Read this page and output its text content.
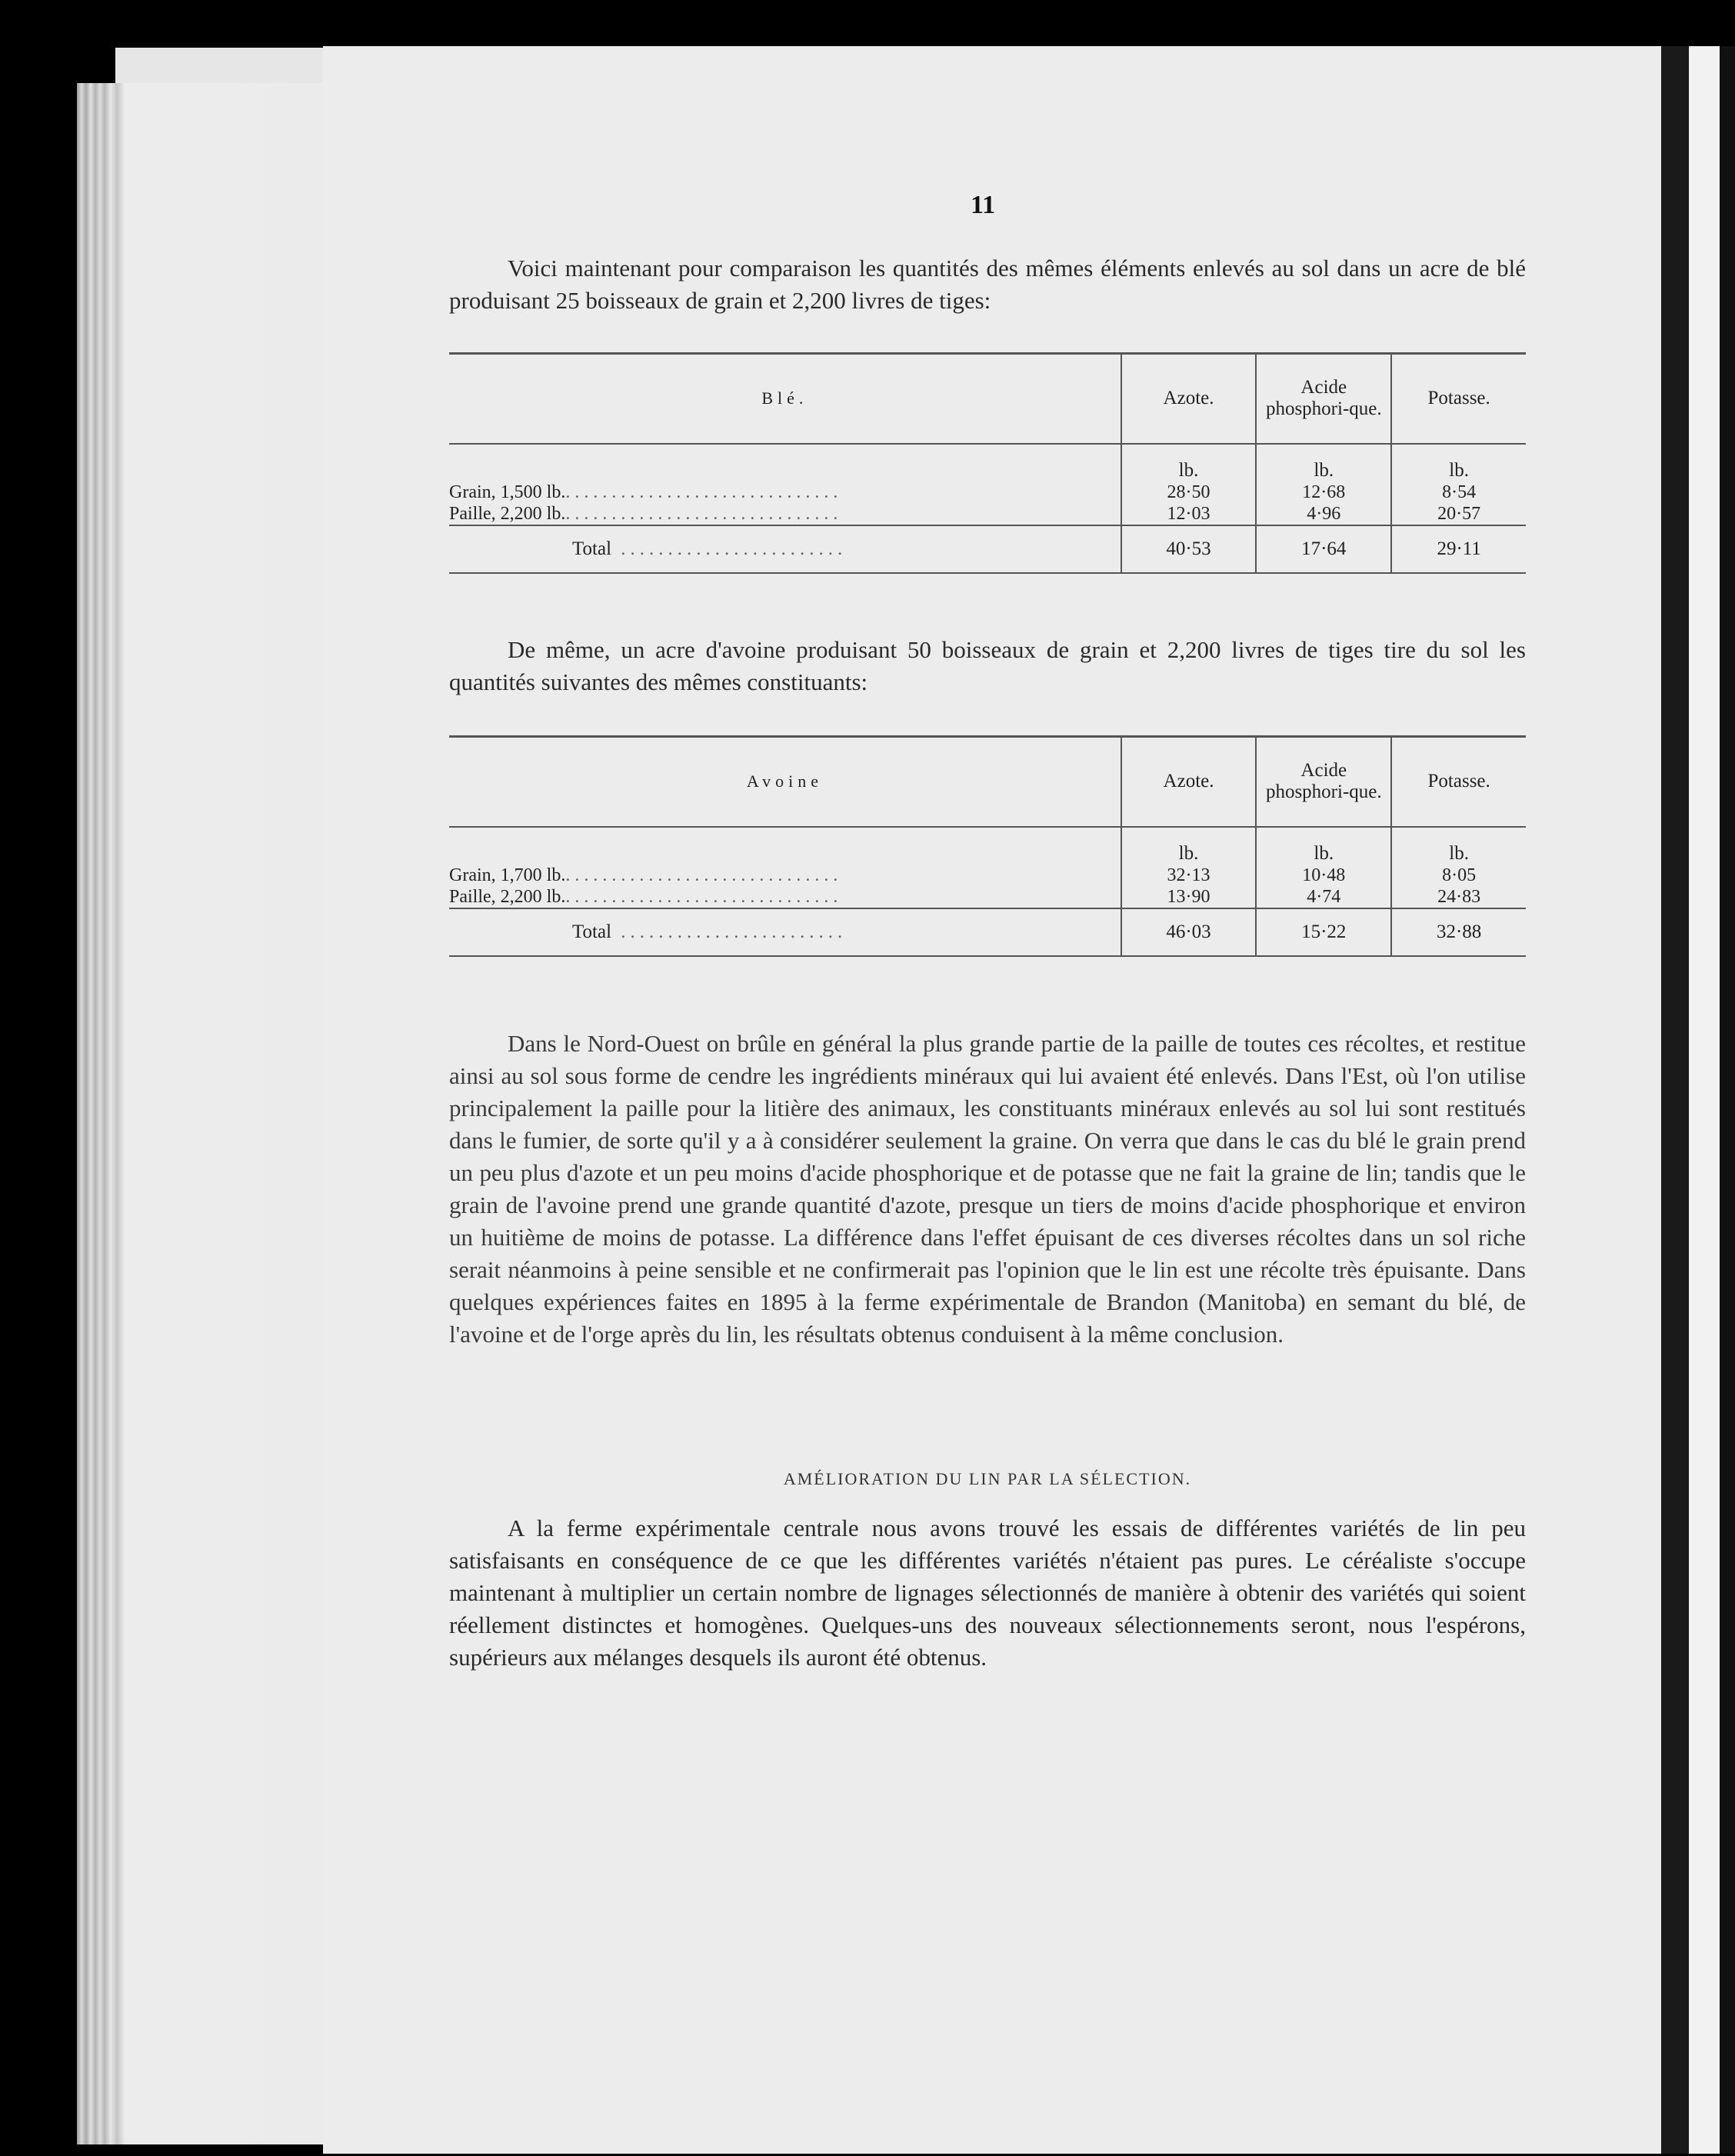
11

Voici maintenant pour comparaison les quantités des mêmes éléments enlevés au sol dans un acre de blé produisant 25 boisseaux de grain et 2,200 livres de tiges:

Blé.	Azote.	Acide phosphori-que.	Potasse.
	lb.	lb.	lb.
Grain, 1,500 lb...............................	28·50	12·68	8·54
Paille, 2,200 lb...............................	12·03	4·96	20·57
Total ........................	40·53	17·64	29·11

De même, un acre d'avoine produisant 50 boisseaux de grain et 2,200 livres de tiges tire du sol les quantités suivantes des mêmes constituants:

Avoine	Azote.	Acide phosphori-que.	Potasse.
	lb.	lb.	lb.
Grain, 1,700 lb...............................	32·13	10·48	8·05
Paille, 2,200 lb...............................	13·90	4·74	24·83
Total ........................	46·03	15·22	32·88

Dans le Nord-Ouest on brûle en général la plus grande partie de la paille de toutes ces récoltes, et restitue ainsi au sol sous forme de cendre les ingrédients minéraux qui lui avaient été enlevés. Dans l'Est, où l'on utilise principalement la paille pour la litière des animaux, les constituants minéraux enlevés au sol lui sont restitués dans le fumier, de sorte qu'il y a à considérer seulement la graine. On verra que dans le cas du blé le grain prend un peu plus d'azote et un peu moins d'acide phosphorique et de potasse que ne fait la graine de lin; tandis que le grain de l'avoine prend une grande quantité d'azote, presque un tiers de moins d'acide phosphorique et environ un huitième de moins de potasse. La différence dans l'effet épuisant de ces diverses récoltes dans un sol riche serait néanmoins à peine sensible et ne confirmerait pas l'opinion que le lin est une récolte très épuisante. Dans quelques expériences faites en 1895 à la ferme expérimentale de Brandon (Manitoba) en semant du blé, de l'avoine et de l'orge après du lin, les résultats obtenus conduisent à la même conclusion.

AMÉLIORATION DU LIN PAR LA SÉLECTION.

A la ferme expérimentale centrale nous avons trouvé les essais de différentes variétés de lin peu satisfaisants en conséquence de ce que les différentes variétés n'étaient pas pures. Le céréaliste s'occupe maintenant à multiplier un certain nombre de lignages sélectionnés de manière à obtenir des variétés qui soient réellement distinctes et homogènes. Quelques-uns des nouveaux sélectionnements seront, nous l'espérons, supérieurs aux mélanges desquels ils auront été obtenus.
